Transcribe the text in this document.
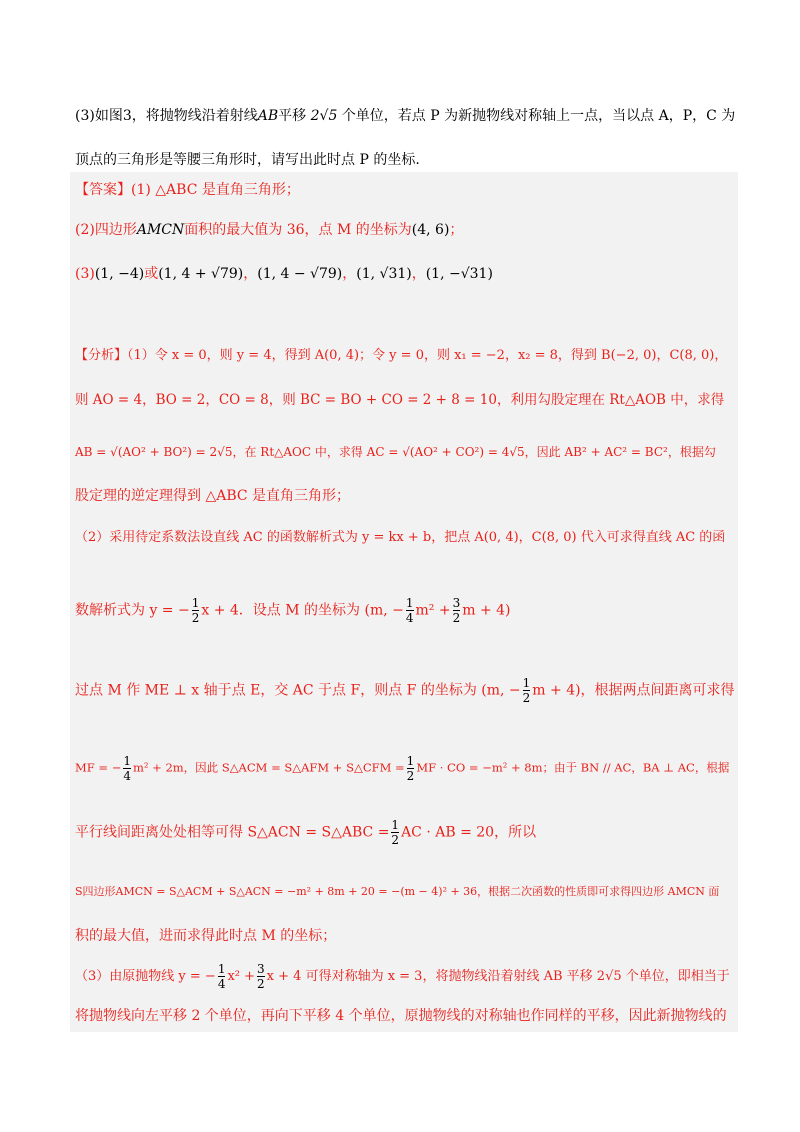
(3)如图3，将抛物线沿着射线AB平移 2√5 个单位，若点 P 为新抛物线对称轴上一点，当以点 A，P，C 为
顶点的三角形是等腰三角形时，请写出此时点 P 的坐标.
【答案】(1) △ABC 是直角三角形；
(2)四边形AMCN面积的最大值为 36，点 M 的坐标为(4, 6)；
(3)(1, −4)或(1, 4 + √79)，(1, 4 − √79)，(1, √31)，(1, −√31)
【分析】（1）令 x = 0，则 y = 4，得到 A(0, 4)；令 y = 0，则 x₁ = −2，x₂ = 8，得到 B(−2, 0)，C(8, 0)，
则 AO = 4，BO = 2，CO = 8，则 BC = BO + CO = 2 + 8 = 10，利用勾股定理在 Rt△AOB 中，求得
AB = √(AO² + BO²) = 2√5，在 Rt△AOC 中，求得 AC = √(AO² + CO²) = 4√5，因此 AB² + AC² = BC²，根据勾
股定理的逆定理得到 △ABC 是直角三角形；
（2）采用待定系数法设直线 AC 的函数解析式为 y = kx + b，把点 A(0, 4)，C(8, 0) 代入可求得直线 AC 的函
数解析式为 y = − $\frac{1}{2}$ x + 4．设点 M 的坐标为 (m, − $\frac{1}{4} m^2 + \frac{3}{2}$ m + 4)
过点 M 作 ME ⊥ x 轴于点 E，交 AC 于点 F，则点 F 的坐标为 (m, − $\frac{1}{2}$ m + 4)，根据两点间距离可求得
MF = − $\frac{1}{4} m^2 + 2m$，因此 S△ACM = S△AFM + S△CFM = $\frac{1}{2}$ MF · CO = −m² + 8m；由于 BN // AC，BA ⊥ AC，根据
平行线间距离处处相等可得 S△ACN = S△ABC = $\frac{1}{2}$ AC · AB = 20，所以
S四边形AMCN = S△ACM + S△ACN = −m² + 8m + 20 = −(m − 4)² + 36，根据二次函数的性质即可求得四边形 AMCN 面
积的最大值，进而求得此时点 M 的坐标；
（3）由原抛物线 y = − $\frac{1}{4} x^2 + \frac{3}{2}$ x + 4 可得对称轴为 x = 3，将抛物线沿着射线 AB 平移 2√5 个单位，即相当于
将抛物线向左平移 2 个单位，再向下平移 4 个单位，原抛物线的对称轴也作同样的平移，因此新抛物线的
